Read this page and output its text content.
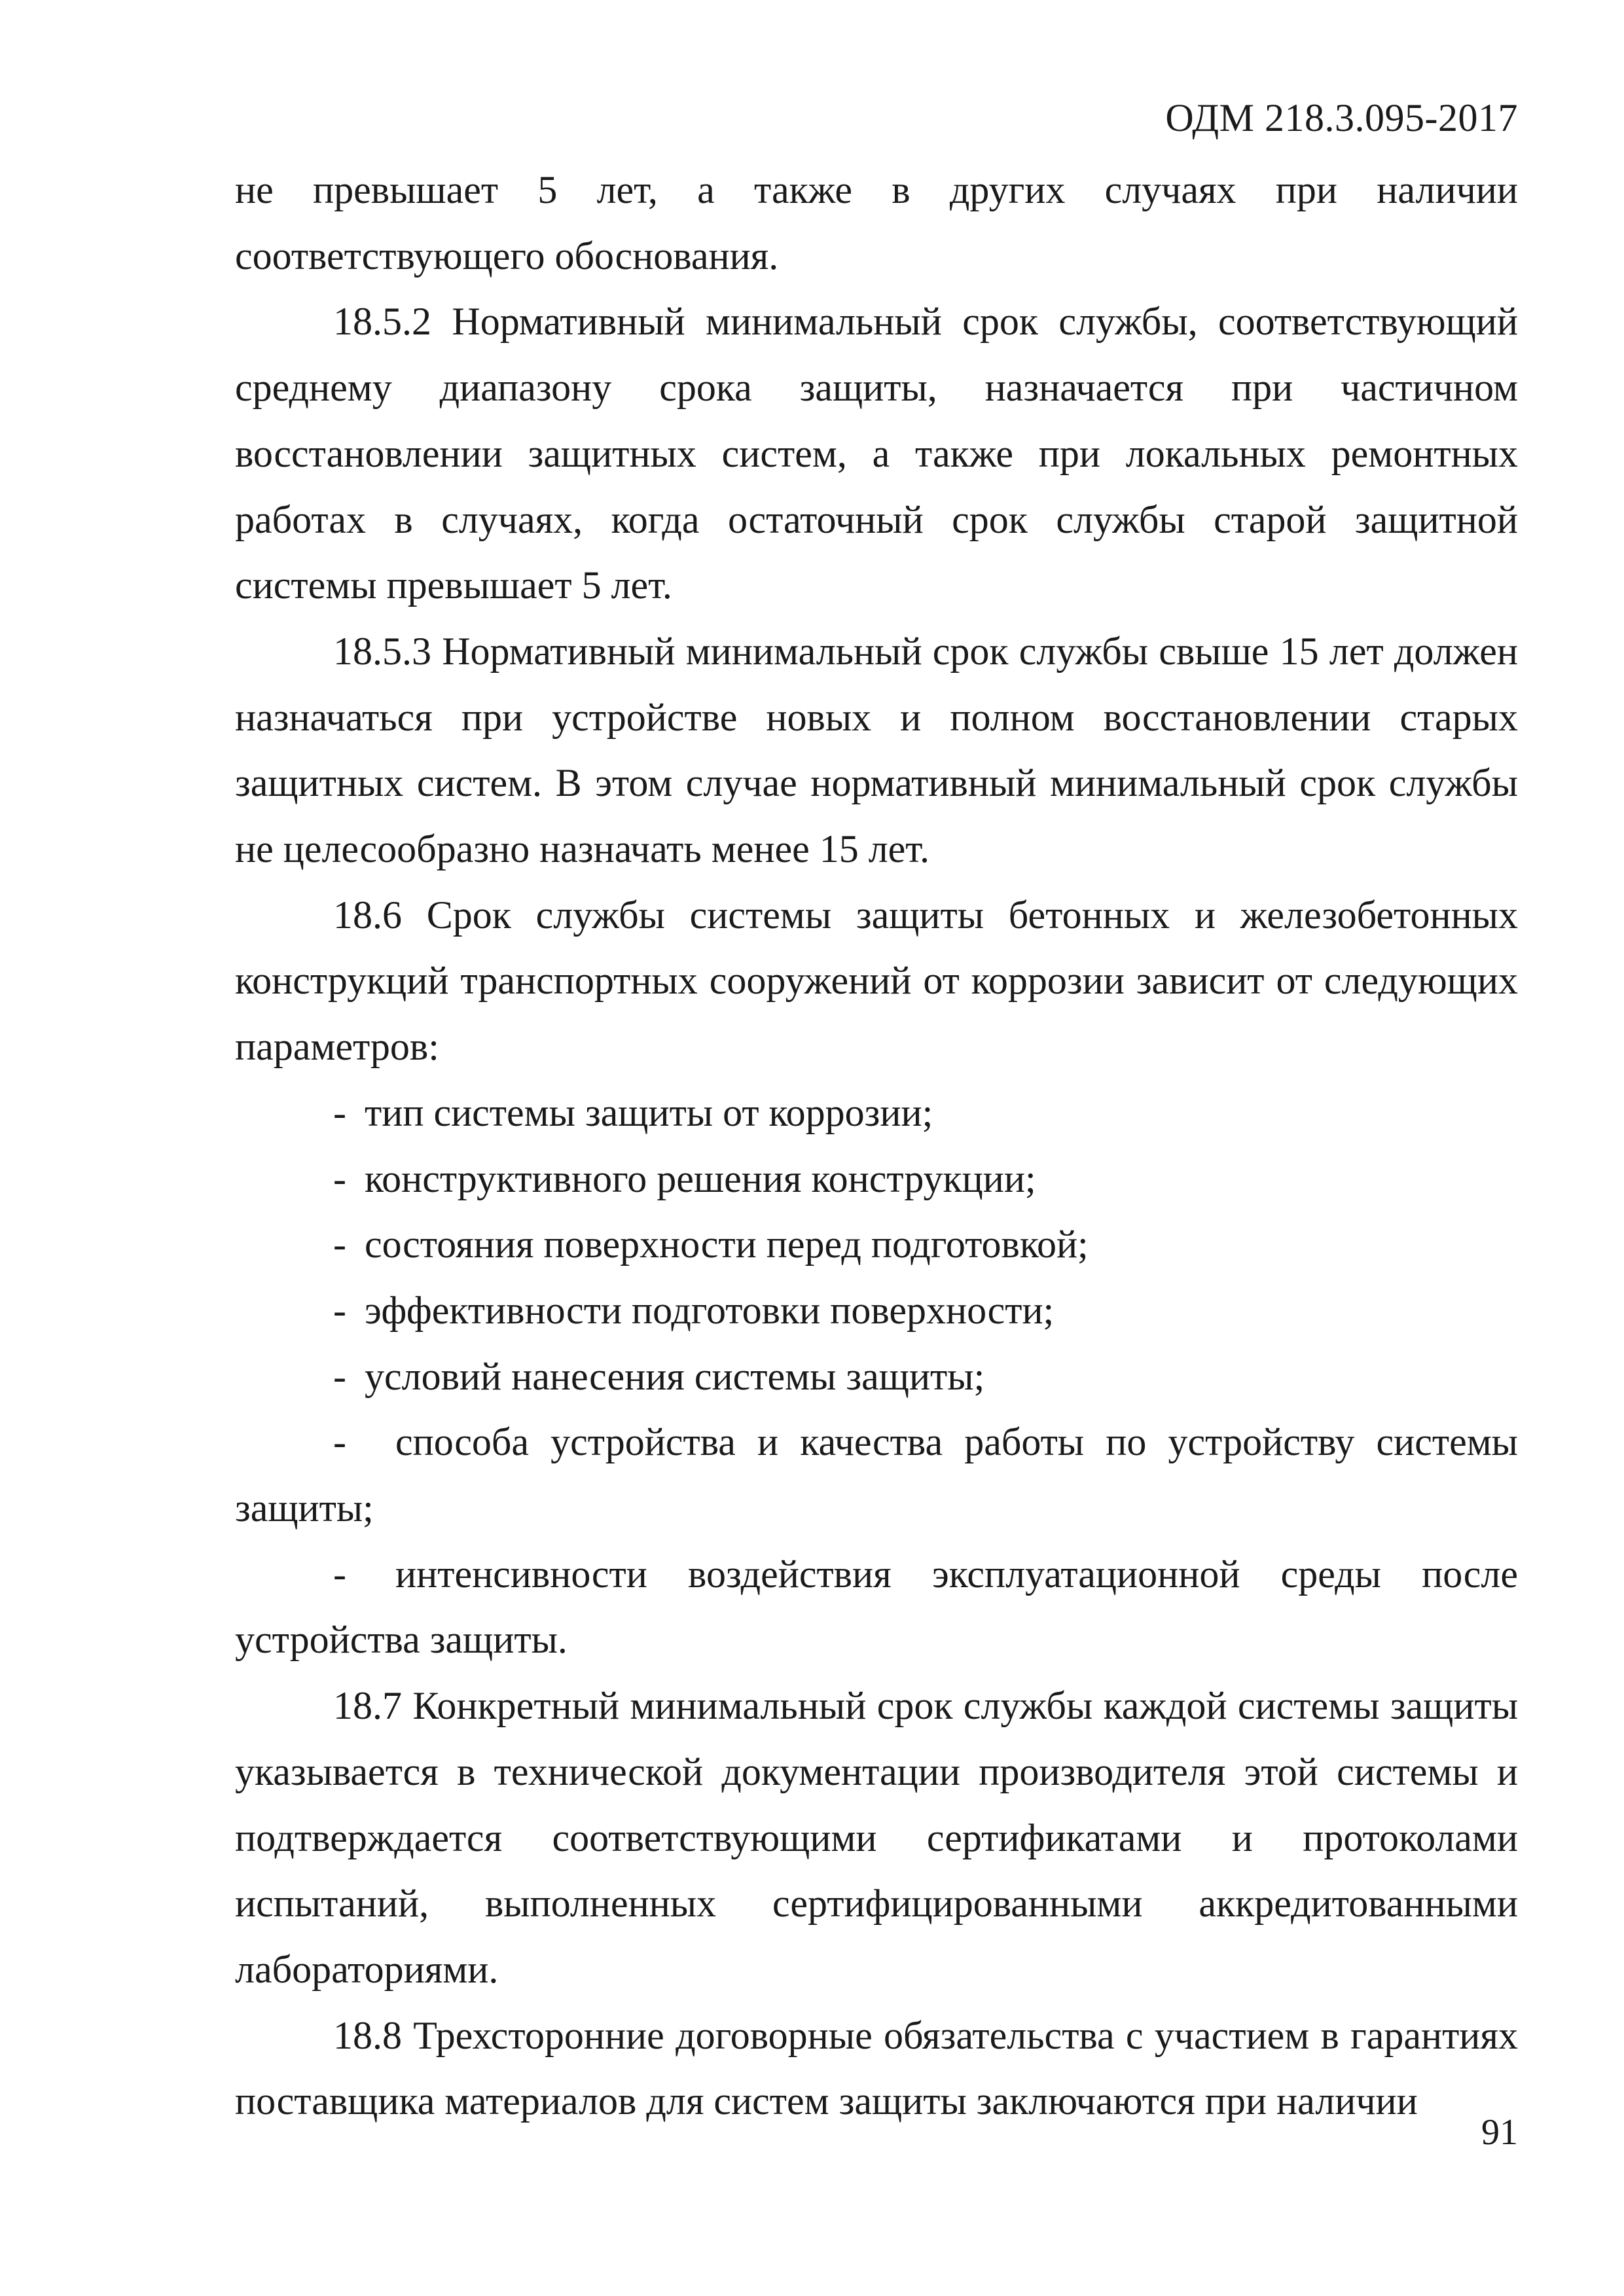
ОДМ 218.3.095-2017

не превышает 5 лет, а также в других случаях при наличии соответствующего обоснования.

18.5.2 Нормативный минимальный срок службы, соответствующий среднему диапазону срока защиты, назначается при частичном восстановлении защитных систем, а также при локальных ремонтных работах в случаях, когда остаточный срок службы старой защитной системы превышает 5 лет.

18.5.3 Нормативный минимальный срок службы свыше 15 лет должен назначаться при устройстве новых и полном восстановлении старых защитных систем. В этом случае нормативный минимальный срок службы не целесообразно назначать менее 15 лет.

18.6 Срок службы системы защиты бетонных и железобетонных конструкций транспортных сооружений от коррозии зависит от следующих параметров:

- тип системы защиты от коррозии;

- конструктивного решения конструкции;

- состояния поверхности перед подготовкой;

- эффективности подготовки поверхности;

- условий нанесения системы защиты;

- способа устройства и качества работы по устройству системы защиты;

- интенсивности воздействия эксплуатационной среды после устройства защиты.

18.7 Конкретный минимальный срок службы каждой системы защиты указывается в технической документации производителя этой системы и подтверждается соответствующими сертификатами и протоколами испытаний, выполненных сертифицированными аккредитованными лабораториями.

18.8 Трехсторонние договорные обязательства с участием в гарантиях поставщика материалов для систем защиты заключаются при наличии

91
